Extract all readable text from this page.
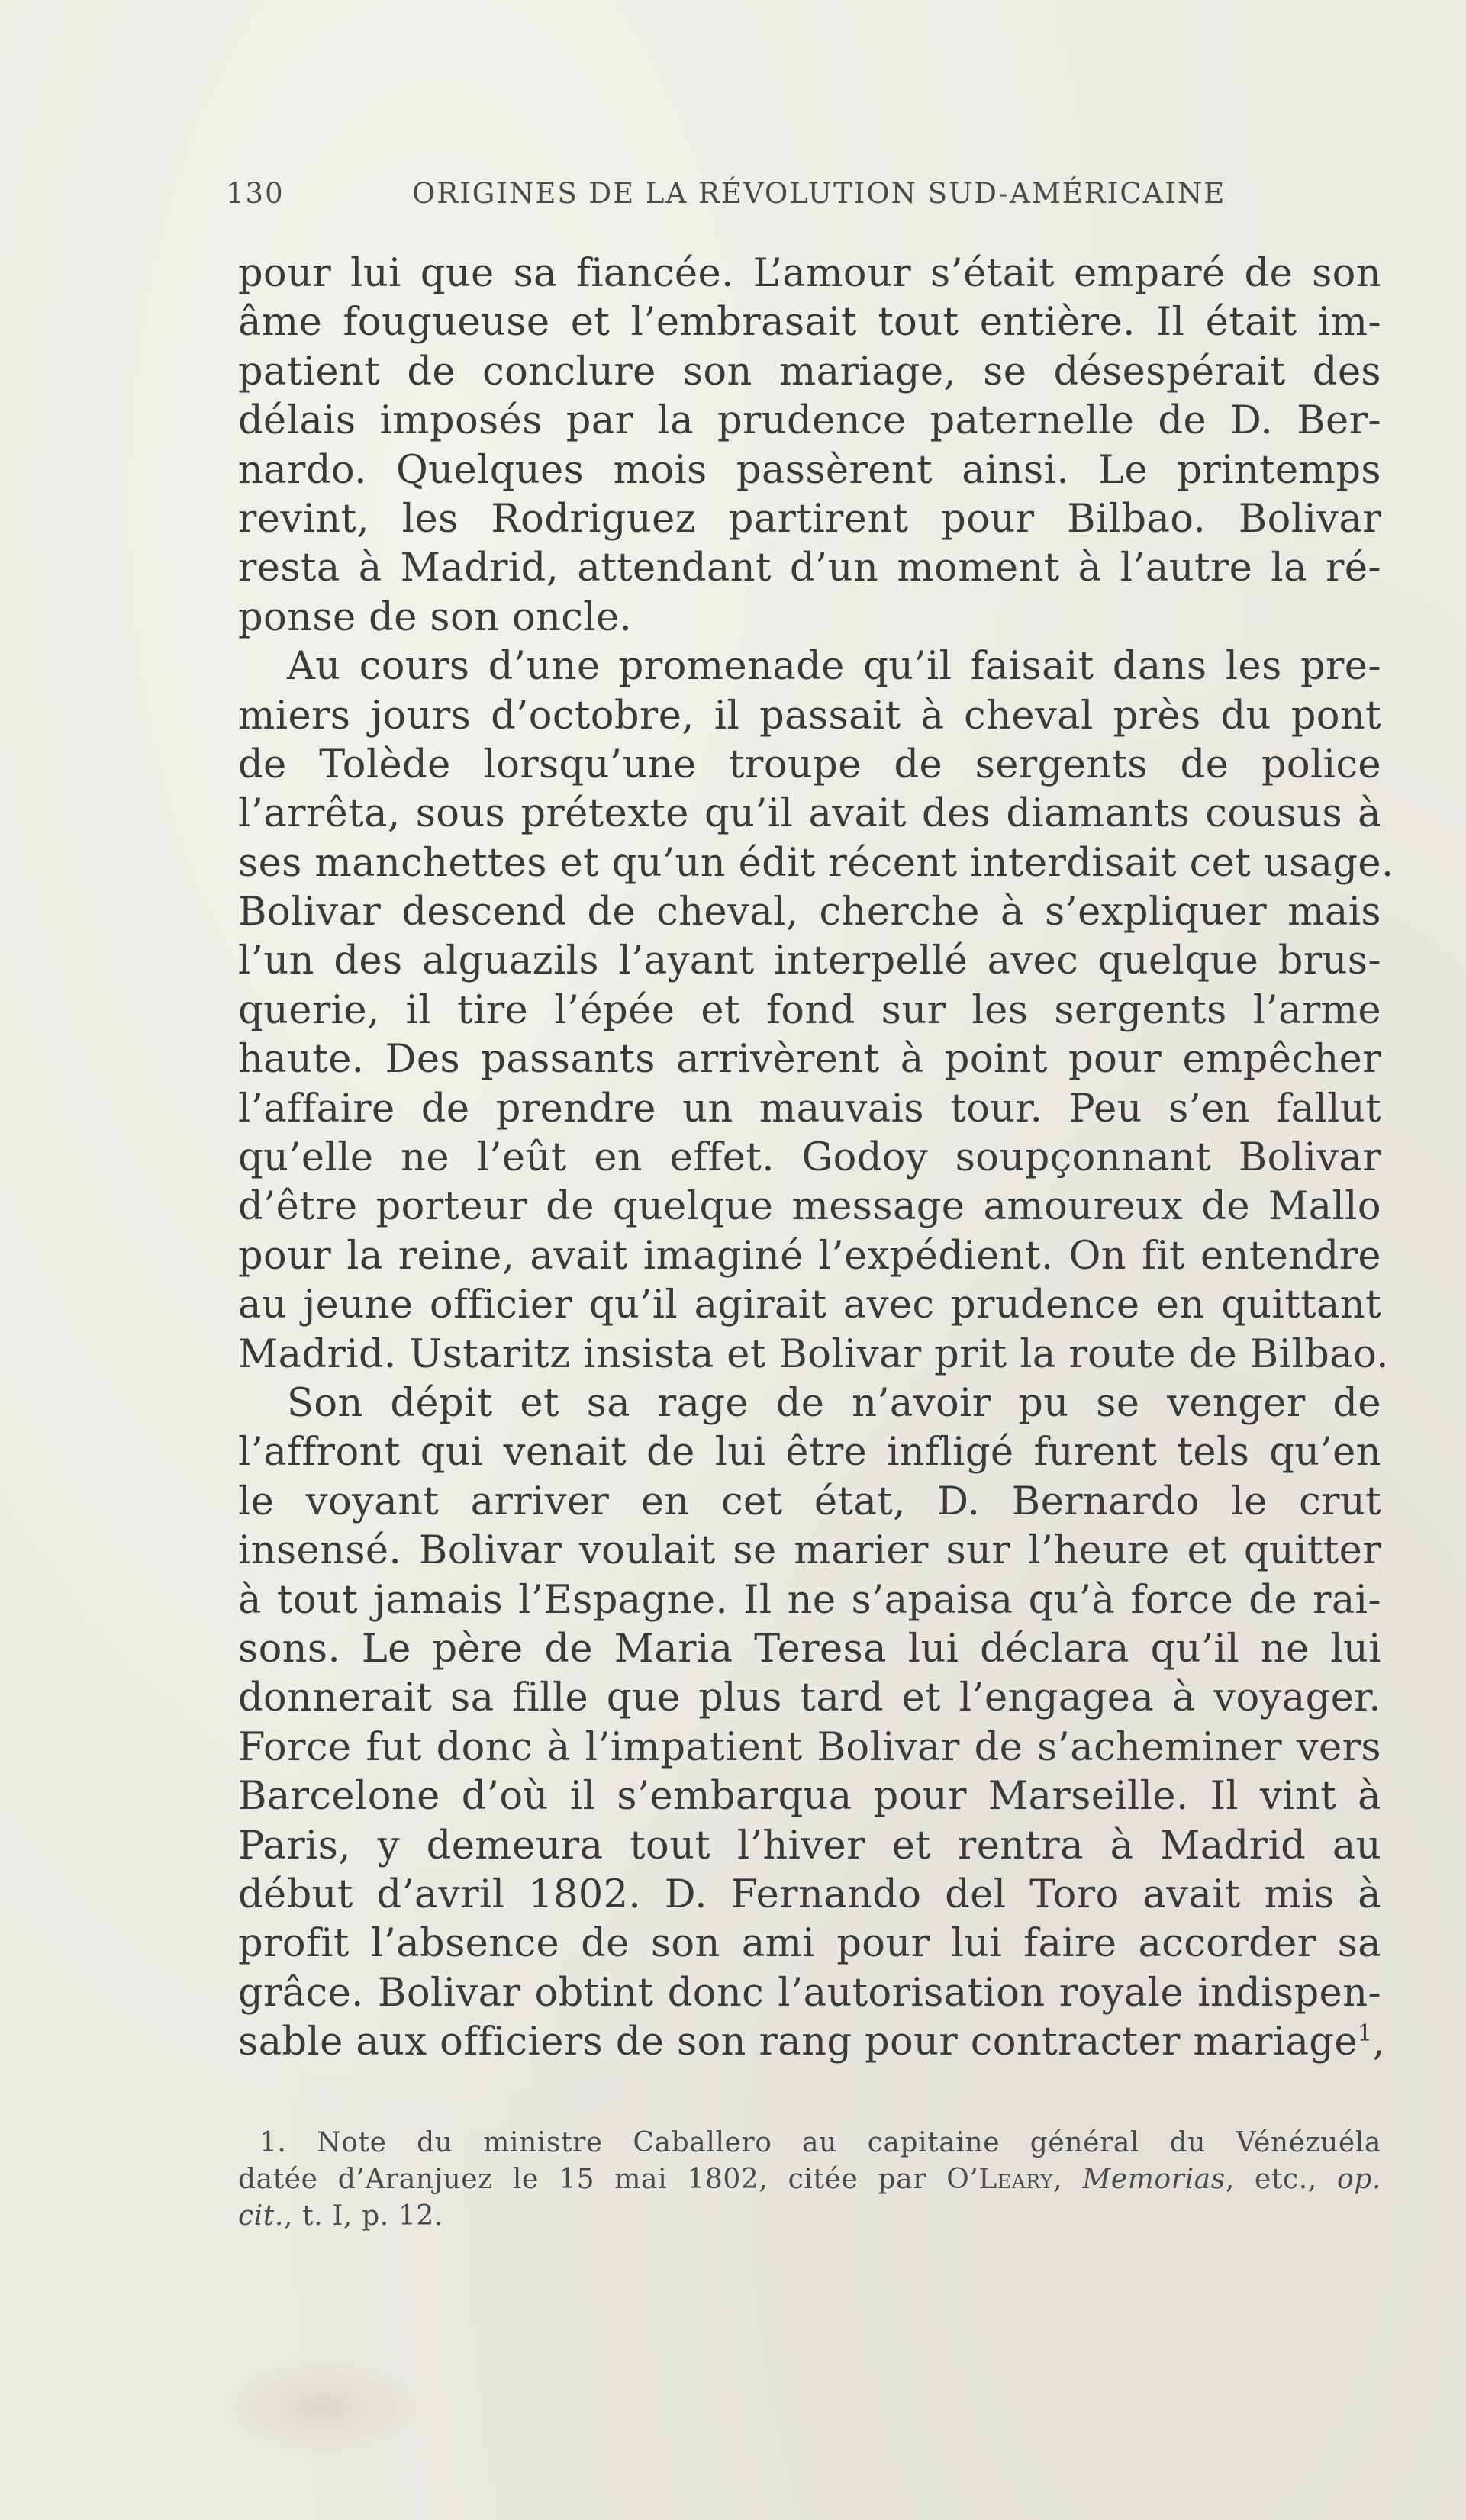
130	ORIGINES DE LA RÉVOLUTION SUD-AMÉRICAINE
pour lui que sa fiancée. L’amour s’était emparé de son
âme fougueuse et l’embrasait tout entière. Il était im-
patient de conclure son mariage, se désespérait des
délais imposés par la prudence paternelle de D. Ber-
nardo. Quelques mois passèrent ainsi. Le printemps
revint, les Rodriguez partirent pour Bilbao. Bolivar
resta à Madrid, attendant d’un moment à l’autre la ré-
ponse de son oncle.
Au cours d’une promenade qu’il faisait dans les pre-
miers jours d’octobre, il passait à cheval près du pont
de Tolède lorsqu’une troupe de sergents de police
l’arrêta, sous prétexte qu’il avait des diamants cousus à
ses manchettes et qu’un édit récent interdisait cet usage.
Bolivar descend de cheval, cherche à s’expliquer mais
l’un des alguazils l’ayant interpellé avec quelque brus-
querie, il tire l’épée et fond sur les sergents l’arme
haute. Des passants arrivèrent à point pour empêcher
l’affaire de prendre un mauvais tour. Peu s’en fallut
qu’elle ne l’eût en effet. Godoy soupçonnant Bolivar
d’être porteur de quelque message amoureux de Mallo
pour la reine, avait imaginé l’expédient. On fit entendre
au jeune officier qu’il agirait avec prudence en quittant
Madrid. Ustaritz insista et Bolivar prit la route de Bilbao.
Son dépit et sa rage de n’avoir pu se venger de
l’affront qui venait de lui être infligé furent tels qu’en
le voyant arriver en cet état, D. Bernardo le crut
insensé. Bolivar voulait se marier sur l’heure et quitter
à tout jamais l’Espagne. Il ne s’apaisa qu’à force de rai-
sons. Le père de Maria Teresa lui déclara qu’il ne lui
donnerait sa fille que plus tard et l’engagea à voyager.
Force fut donc à l’impatient Bolivar de s’acheminer vers
Barcelone d’où il s’embarqua pour Marseille. Il vint à
Paris, y demeura tout l’hiver et rentra à Madrid au
début d’avril 1802. D. Fernando del Toro avait mis à
profit l’absence de son ami pour lui faire accorder sa
grâce. Bolivar obtint donc l’autorisation royale indispen-
sable aux officiers de son rang pour contracter mariage$^1$,
1. Note du ministre Caballero au capitaine général du Vénézuéla
datée d’Aranjuez le 15 mai 1802, citée par O’Leary, Memorias, etc., op.
cit., t. I, p. 12.
